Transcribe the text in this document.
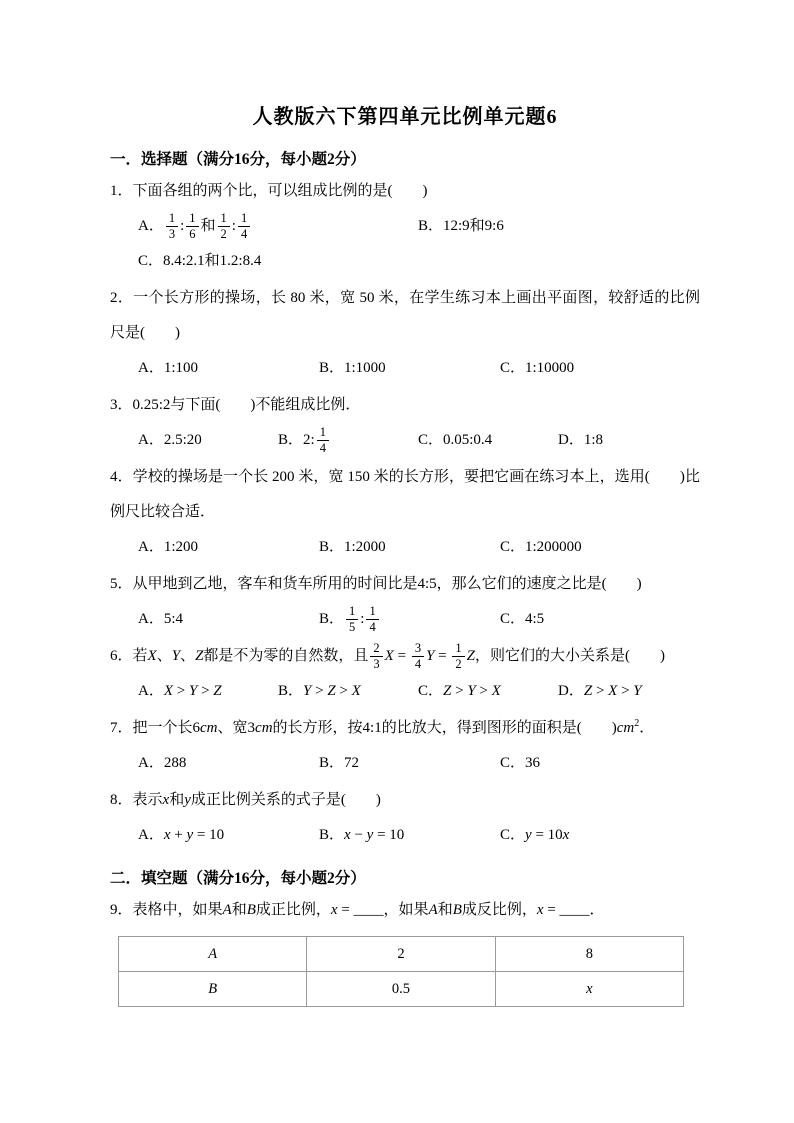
人教版六下第四单元比例单元题6
一．选择题（满分16分，每小题2分）
1．下面各组的两个比，可以组成比例的是(　　)
A． $\frac{1}{3}$ : $\frac{1}{6}$ 和 $\frac{1}{2}$ : $\frac{1}{4}$	B．12:9和9:6
C．8.4:2.1和1.2:8.4
2．一个长方形的操场，长 80 米，宽 50 米，在学生练习本上画出平面图，较舒适的比例尺是(　　)
A．1:100	B．1:1000	C．1:10000
3．0.25:2与下面(　　)不能组成比例．
A．2.5:20	B．2: $\frac{1}{4}$	C．0.05:0.4	D．1:8
4．学校的操场是一个长 200 米，宽 150 米的长方形，要把它画在练习本上，选用(　　)比例尺比较合适．
A．1:200	B．1:2000	C．1:200000
5．从甲地到乙地，客车和货车所用的时间比是4:5，那么它们的速度之比是(　　)
A．5:4	B． $\frac{1}{5}$ : $\frac{1}{4}$	C．4:5
6．若X、Y、Z都是不为零的自然数，且 $\frac{2}{3}$ $X = \frac{3}{4}$ $Y = \frac{1}{2}$ Z，则它们的大小关系是(　　)
A．X > Y > Z	B．Y > Z > X	C．Z > Y > X	D．Z > X > Y
7．把一个长6cm、宽3cm的长方形，按4:1的比放大，得到图形的面积是(　　)$cm^2$．
A．288	B．72	C．36
8．表示x和y成正比例关系的式子是(　　)
A．x + y = 10	B．x − y = 10	C．y = 10x
二．填空题（满分16分，每小题2分）
9．表格中，如果A和B成正比例，x = ____，如果A和B成反比例，x = ____．
A	2	8
B	0.5	x
